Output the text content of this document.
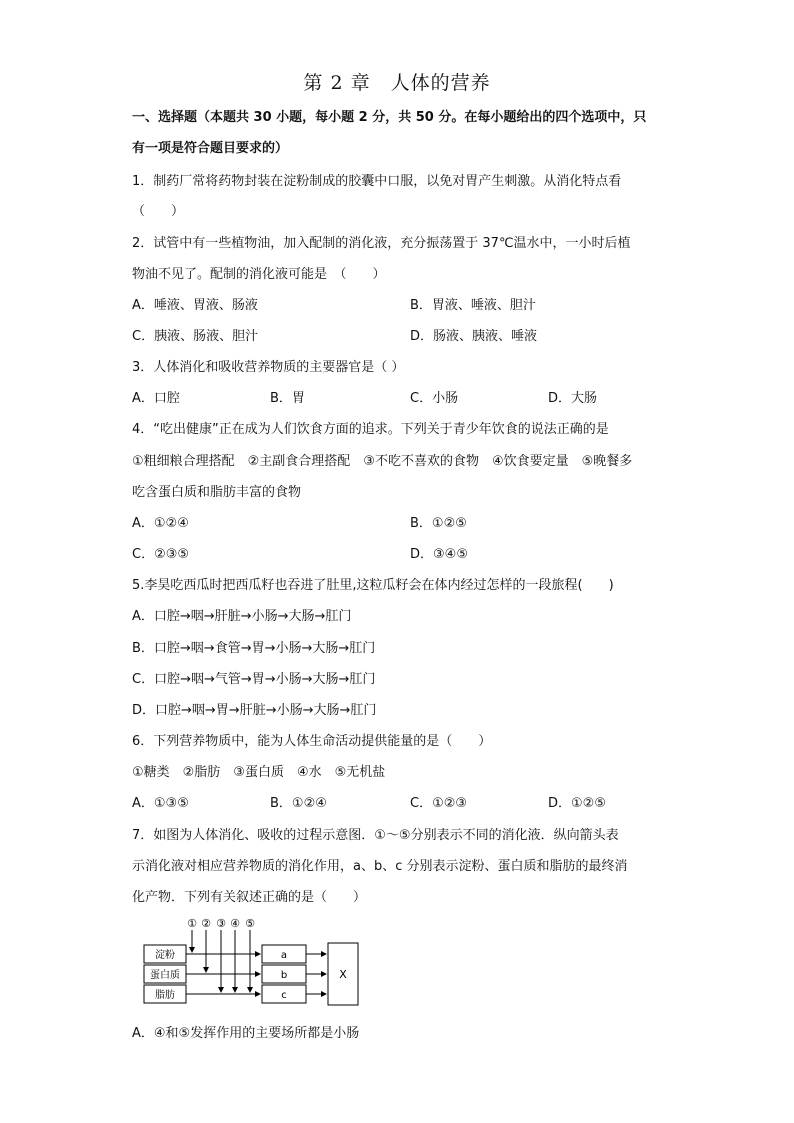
第 2 章　人体的营养
一、选择题（本题共 30 小题，每小题 2 分，共 50 分。在每小题给出的四个选项中，只
有一项是符合题目要求的）
1．制药厂常将药物封装在淀粉制成的胶囊中口服，以免对胃产生刺激。从消化特点看
（　　）
2．试管中有一些植物油，加入配制的消化液，充分振荡置于 37℃温水中，一小时后植
物油不见了。配制的消化液可能是　（　　）
A．唾液、胃液、肠液	B．胃液、唾液、胆汁
C．胰液、肠液、胆汁	D．肠液、胰液、唾液
3．人体消化和吸收营养物质的主要器官是（ ）
A．口腔	B．胃	C．小肠	D．大肠
4．“吃出健康”正在成为人们饮食方面的追求。下列关于青少年饮食的说法正确的是
①粗细粮合理搭配　②主副食合理搭配　③不吃不喜欢的食物　④饮食要定量　⑤晚餐多
吃含蛋白质和脂肪丰富的食物
A．①②④	B．①②⑤
C．②③⑤	D．③④⑤
5.李昊吃西瓜时把西瓜籽也吞进了肚里,这粒瓜籽会在体内经过怎样的一段旅程(　　)
A．口腔→咽→肝脏→小肠→大肠→肛门
B．口腔→咽→食管→胃→小肠→大肠→肛门
C．口腔→咽→气管→胃→小肠→大肠→肛门
D．口腔→咽→胃→肝脏→小肠→大肠→肛门
6．下列营养物质中，能为人体生命活动提供能量的是（　　）
①糖类　②脂肪　③蛋白质　④水　⑤无机盐
A．①③⑤	B．①②④	C．①②③	D．①②⑤
7．如图为人体消化、吸收的过程示意图．①～⑤分别表示不同的消化液．纵向箭头表
示消化液对相应营养物质的消化作用，a、b、c 分别表示淀粉、蛋白质和脂肪的最终消
化产物．下列有关叙述正确的是（　　）
① ② ③ ④ ⑤
淀粉
蛋白质
脂肪
a
b
c
X
A．④和⑤发挥作用的主要场所都是小肠
